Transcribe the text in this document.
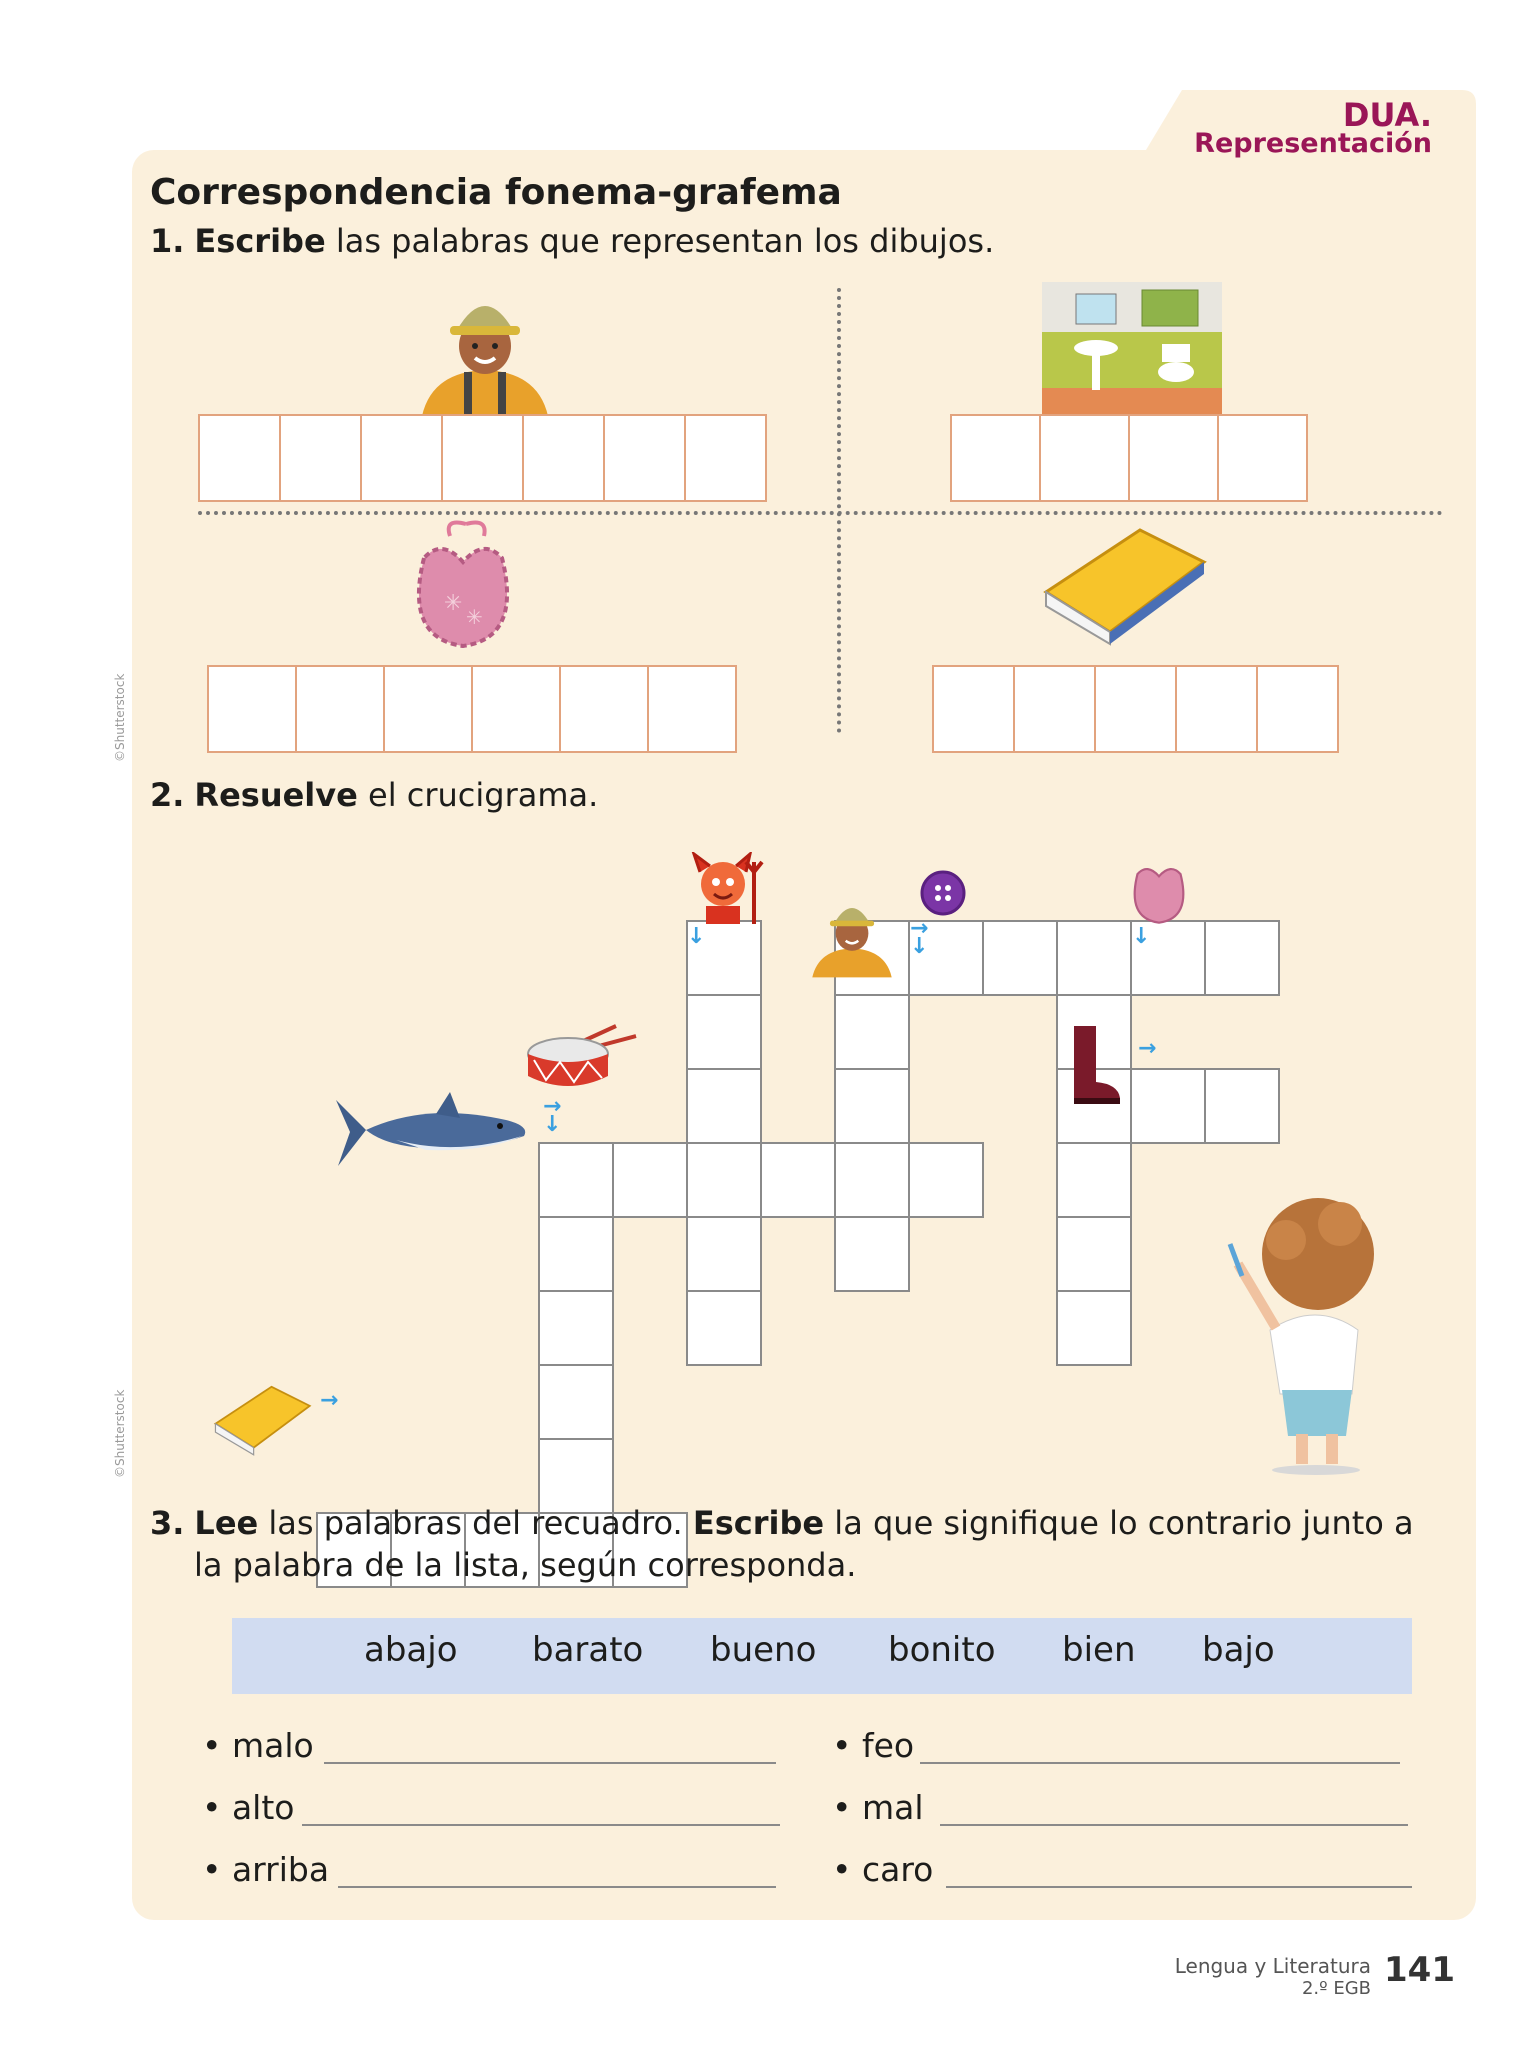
DUA.
Representación
Correspondencia fonema-grafema
1. Escribe las palabras que representan los dibujos.
✳
✳
2. Resuelve el crucigrama.
↓	→
↓	↓
→
→
↓
→
3. Lee las palabras del recuadro. Escribe la que signifique lo contrario junto a
la palabra de la lista, según corresponda.
abajo barato bueno bonito bien bajo
• malo
• alto
• arriba
• feo
• mal
• caro
©Shutterstock
©Shutterstock
Lengua y Literatura
2.º EGB 141
